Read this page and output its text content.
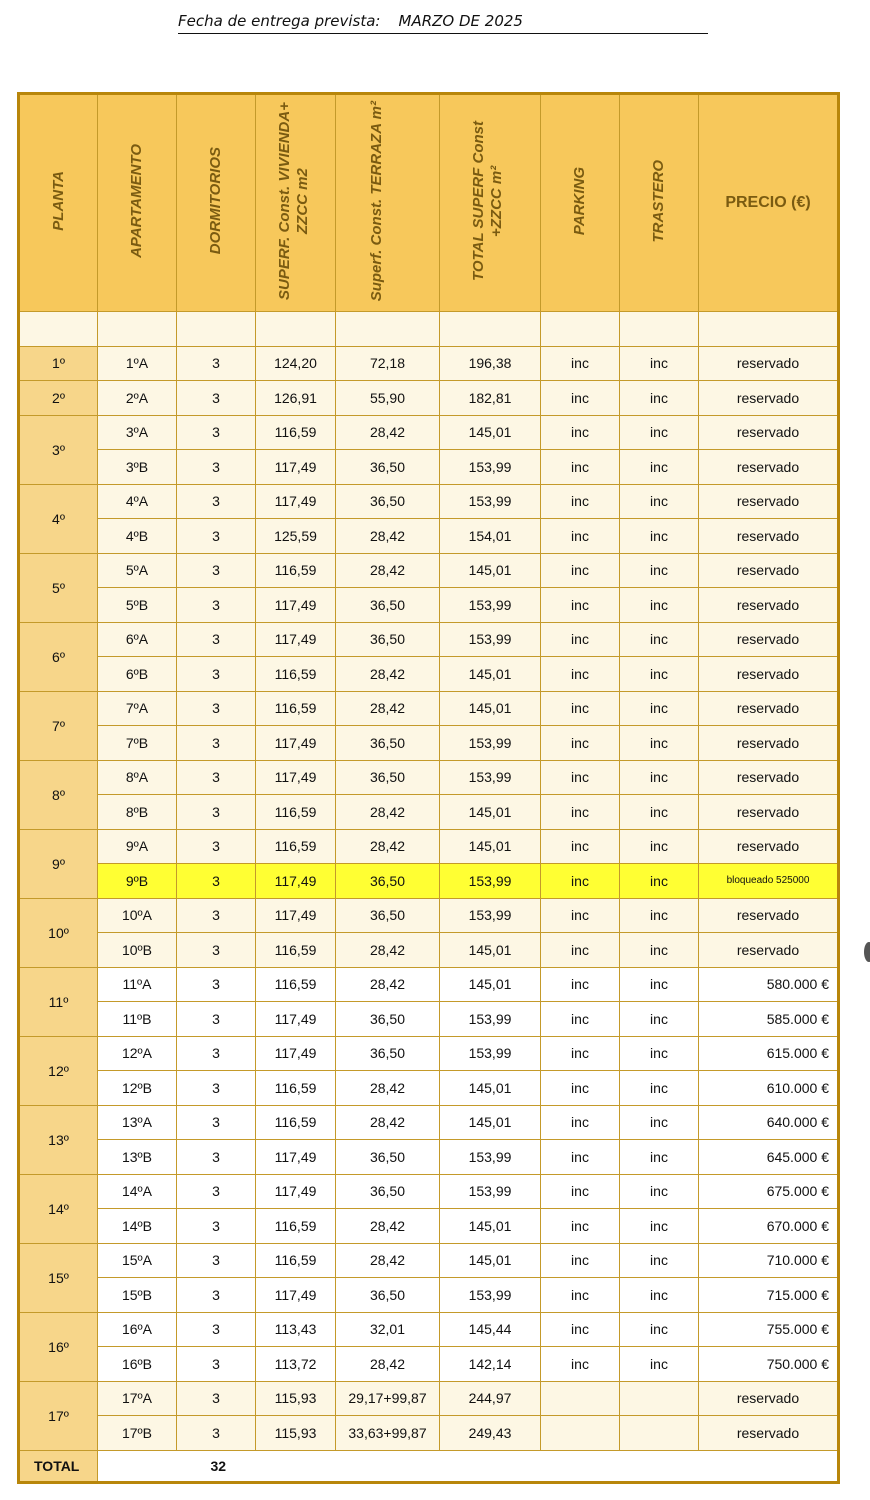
Fecha de entrega prevista: MARZO DE 2025
PLANTA	APARTAMENTO	DORMITORIOS	SUPERF. Const. VIVIENDA+ ZZCC m2	Superf. Const. TERRAZA m²	TOTAL SUPERF Const +ZZCC m²	PARKING	TRASTERO	PRECIO (€)

1º	1ºA	3	124,20	72,18	196,38	inc	inc	reservado
2º	2ºA	3	126,91	55,90	182,81	inc	inc	reservado
3º	3ºA	3	116,59	28,42	145,01	inc	inc	reservado
	3ºB	3	117,49	36,50	153,99	inc	inc	reservado
4º	4ºA	3	117,49	36,50	153,99	inc	inc	reservado
	4ºB	3	125,59	28,42	154,01	inc	inc	reservado
5º	5ºA	3	116,59	28,42	145,01	inc	inc	reservado
	5ºB	3	117,49	36,50	153,99	inc	inc	reservado
6º	6ºA	3	117,49	36,50	153,99	inc	inc	reservado
	6ºB	3	116,59	28,42	145,01	inc	inc	reservado
7º	7ºA	3	116,59	28,42	145,01	inc	inc	reservado
	7ºB	3	117,49	36,50	153,99	inc	inc	reservado
8º	8ºA	3	117,49	36,50	153,99	inc	inc	reservado
	8ºB	3	116,59	28,42	145,01	inc	inc	reservado
9º	9ºA	3	116,59	28,42	145,01	inc	inc	reservado
	9ºB	3	117,49	36,50	153,99	inc	inc	bloqueado 525000
10º	10ºA	3	117,49	36,50	153,99	inc	inc	reservado
	10ºB	3	116,59	28,42	145,01	inc	inc	reservado
11º	11ºA	3	116,59	28,42	145,01	inc	inc	580.000 €
	11ºB	3	117,49	36,50	153,99	inc	inc	585.000 €
12º	12ºA	3	117,49	36,50	153,99	inc	inc	615.000 €
	12ºB	3	116,59	28,42	145,01	inc	inc	610.000 €
13º	13ºA	3	116,59	28,42	145,01	inc	inc	640.000 €
	13ºB	3	117,49	36,50	153,99	inc	inc	645.000 €
14º	14ºA	3	117,49	36,50	153,99	inc	inc	675.000 €
	14ºB	3	116,59	28,42	145,01	inc	inc	670.000 €
15º	15ºA	3	116,59	28,42	145,01	inc	inc	710.000 €
	15ºB	3	117,49	36,50	153,99	inc	inc	715.000 €
16º	16ºA	3	113,43	32,01	145,44	inc	inc	755.000 €
	16ºB	3	113,72	28,42	142,14	inc	inc	750.000 €
17º	17ºA	3	115,93	29,17+99,87	244,97			reservado
	17ºB	3	115,93	33,63+99,87	249,43			reservado
TOTAL		32						
